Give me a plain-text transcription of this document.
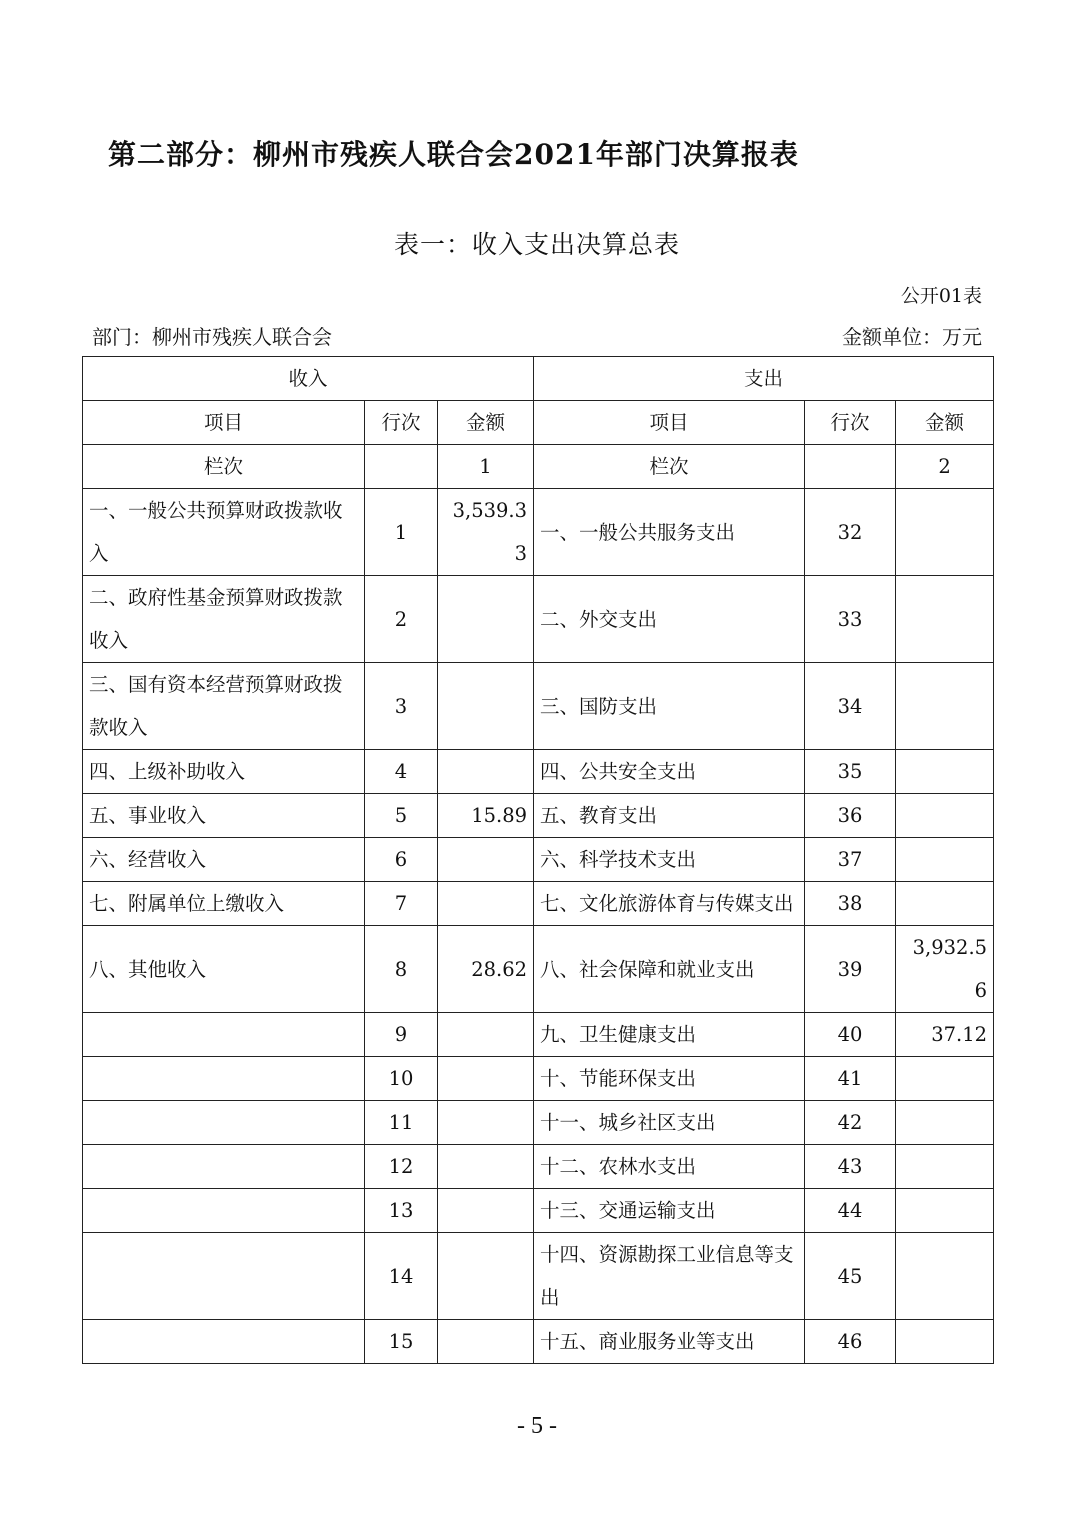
第二部分：柳州市残疾人联合会2021年部门决算报表
表一：收入支出决算总表
公开01表
部门：柳州市残疾人联合会	金额单位：万元
收入			支出		
项目	行次	金额	项目	行次	金额
栏次		1	栏次		2
一、一般公共预算财政拨款收入	1	3,539.33	一、一般公共服务支出	32	
二、政府性基金预算财政拨款收入	2		二、外交支出	33	
三、国有资本经营预算财政拨款收入	3		三、国防支出	34	
四、上级补助收入	4		四、公共安全支出	35	
五、事业收入	5	15.89	五、教育支出	36	
六、经营收入	6		六、科学技术支出	37	
七、附属单位上缴收入	7		七、文化旅游体育与传媒支出	38	
八、其他收入	8	28.62	八、社会保障和就业支出	39	3,932.56
	9		九、卫生健康支出	40	37.12
	10		十、节能环保支出	41	
	11		十一、城乡社区支出	42	
	12		十二、农林水支出	43	
	13		十三、交通运输支出	44	
	14		十四、资源勘探工业信息等支出	45	
	15		十五、商业服务业等支出	46	
- 5 -
